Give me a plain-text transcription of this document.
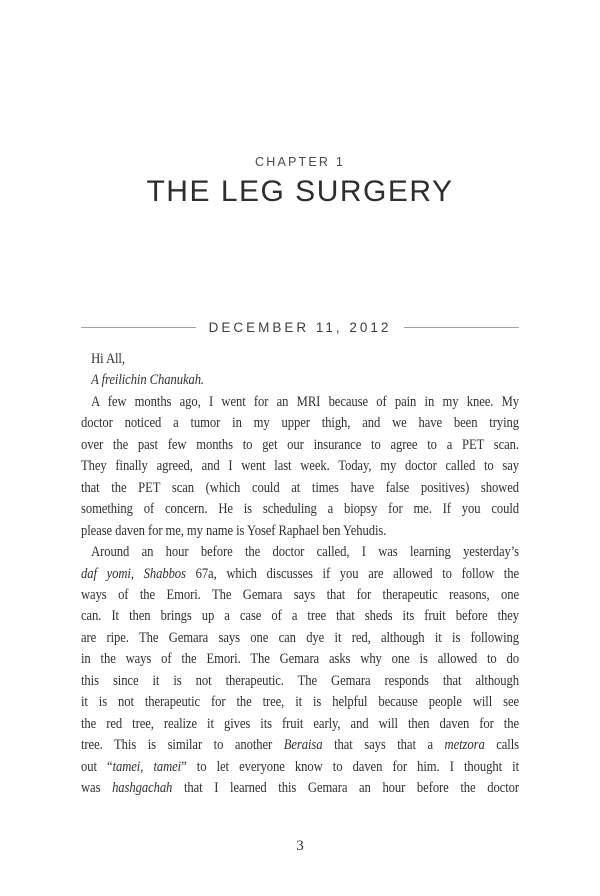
CHAPTER 1
THE LEG SURGERY
DECEMBER 11, 2012
Hi All,
A freilichin Chanukah.
A few months ago, I went for an MRI because of pain in my knee. My
doctor noticed a tumor in my upper thigh, and we have been trying
over the past few months to get our insurance to agree to a PET scan.
They finally agreed, and I went last week. Today, my doctor called to say
that the PET scan (which could at times have false positives) showed
something of concern. He is scheduling a biopsy for me. If you could
please daven for me, my name is Yosef Raphael ben Yehudis.
Around an hour before the doctor called, I was learning yesterday’s
daf yomi, Shabbos 67a, which discusses if you are allowed to follow the
ways of the Emori. The Gemara says that for therapeutic reasons, one
can. It then brings up a case of a tree that sheds its fruit before they
are ripe. The Gemara says one can dye it red, although it is following
in the ways of the Emori. The Gemara asks why one is allowed to do
this since it is not therapeutic. The Gemara responds that although
it is not therapeutic for the tree, it is helpful because people will see
the red tree, realize it gives its fruit early, and will then daven for the
tree. This is similar to another Beraisa that says that a metzora calls
out “tamei, tamei” to let everyone know to daven for him. I thought it
was hashgachah that I learned this Gemara an hour before the doctor
3
